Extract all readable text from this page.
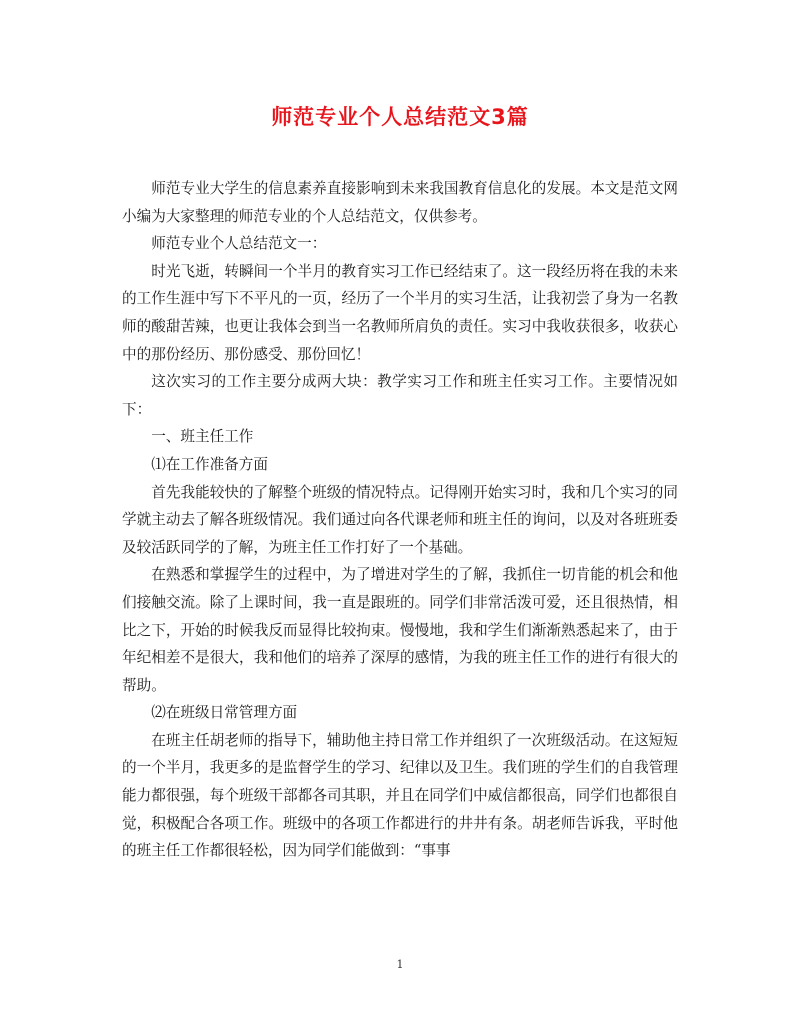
师范专业个人总结范文3篇

师范专业大学生的信息素养直接影响到未来我国教育信息化的发展。本文是范文网小编为大家整理的师范专业的个人总结范文，仅供参考。

师范专业个人总结范文一：

时光飞逝，转瞬间一个半月的教育实习工作已经结束了。这一段经历将在我的未来的工作生涯中写下不平凡的一页，经历了一个半月的实习生活，让我初尝了身为一名教师的酸甜苦辣，也更让我体会到当一名教师所肩负的责任。实习中我收获很多，收获心中的那份经历、那份感受、那份回忆！

这次实习的工作主要分成两大块：教学实习工作和班主任实习工作。主要情况如下：

一、班主任工作

⑴在工作准备方面

首先我能较快的了解整个班级的情况特点。记得刚开始实习时，我和几个实习的同学就主动去了解各班级情况。我们通过向各代课老师和班主任的询问，以及对各班班委及较活跃同学的了解，为班主任工作打好了一个基础。

在熟悉和掌握学生的过程中，为了增进对学生的了解，我抓住一切肯能的机会和他们接触交流。除了上课时间，我一直是跟班的。同学们非常活泼可爱，还且很热情，相比之下，开始的时候我反而显得比较拘束。慢慢地，我和学生们渐渐熟悉起来了，由于年纪相差不是很大，我和他们的培养了深厚的感情，为我的班主任工作的进行有很大的帮助。

⑵在班级日常管理方面

在班主任胡老师的指导下，辅助他主持日常工作并组织了一次班级活动。在这短短的一个半月，我更多的是监督学生的学习、纪律以及卫生。我们班的学生们的自我管理能力都很强，每个班级干部都各司其职，并且在同学们中威信都很高，同学们也都很自觉，积极配合各项工作。班级中的各项工作都进行的井井有条。胡老师告诉我，平时他的班主任工作都很轻松，因为同学们能做到：“事事

1
